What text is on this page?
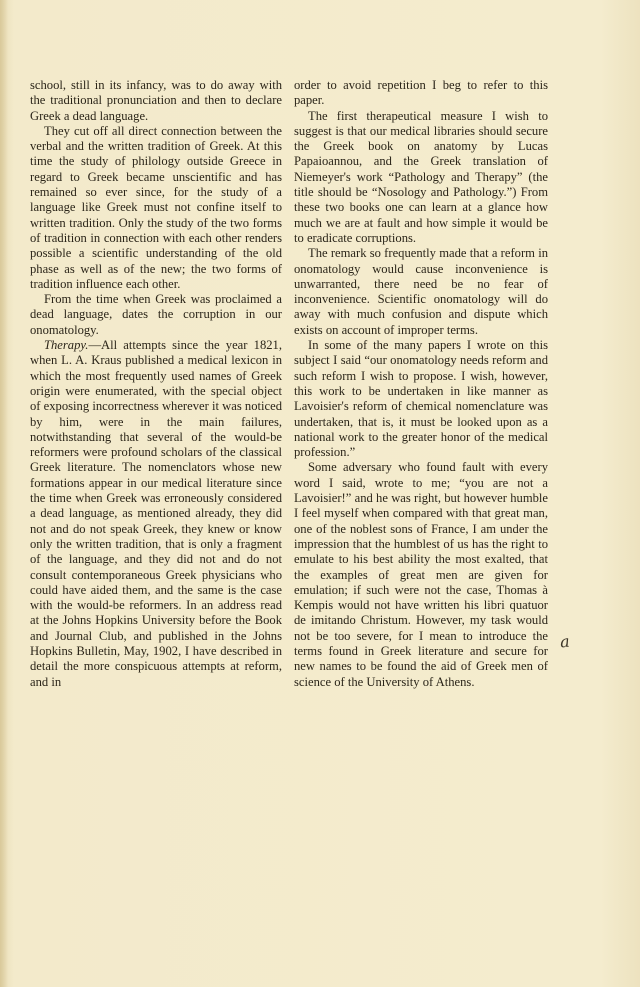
school, still in its infancy, was to do away with the traditional pronunciation and then to declare Greek a dead language.

They cut off all direct connection between the verbal and the written tradition of Greek. At this time the study of philology outside Greece in regard to Greek became unscientific and has remained so ever since, for the study of a language like Greek must not confine itself to written tradition. Only the study of the two forms of tradition in connection with each other renders possible a scientific understanding of the old phase as well as of the new; the two forms of tradition influence each other.

From the time when Greek was proclaimed a dead language, dates the corruption in our onomatology.

Therapy.—All attempts since the year 1821, when L. A. Kraus published a medical lexicon in which the most frequently used names of Greek origin were enumerated, with the special object of exposing incorrectness wherever it was noticed by him, were in the main failures, notwithstanding that several of the would-be reformers were profound scholars of the classical Greek literature. The nomenclators whose new formations appear in our medical literature since the time when Greek was erroneously considered a dead language, as mentioned already, they did not and do not speak Greek, they knew or know only the written tradition, that is only a fragment of the language, and they did not and do not consult contemporaneous Greek physicians who could have aided them, and the same is the case with the would-be reformers. In an address read at the Johns Hopkins University before the Book and Journal Club, and published in the Johns Hopkins Bulletin, May, 1902, I have described in detail the more conspicuous attempts at reform, and in

order to avoid repetition I beg to refer to this paper.

The first therapeutical measure I wish to suggest is that our medical libraries should secure the Greek book on anatomy by Lucas Papaioannou, and the Greek translation of Niemeyer's work “Pathology and Therapy” (the title should be “Nosology and Pathology.”) From these two books one can learn at a glance how much we are at fault and how simple it would be to eradicate corruptions.

The remark so frequently made that a reform in onomatology would cause inconvenience is unwarranted, there need be no fear of inconvenience. Scientific onomatology will do away with much confusion and dispute which exists on account of improper terms.

In some of the many papers I wrote on this subject I said “our onomatology needs reform and such reform I wish to propose. I wish, however, this work to be undertaken in like manner as Lavoisier's reform of chemical nomenclature was undertaken, that is, it must be looked upon as a national work to the greater honor of the medical profession.”

Some adversary who found fault with every word I said, wrote to me; “you are not a Lavoisier!” and he was right, but however humble I feel myself when compared with that great man, one of the noblest sons of France, I am under the impression that the humblest of us has the right to emulate to his best ability the most exalted, that the examples of great men are given for emulation; if such were not the case, Thomas à Kempis would not have written his libri quatuor de imitando Christum. However, my task would not be too severe, for I mean to introduce the terms found in Greek literature and secure for new names to be found the aid of Greek men of science of the University of Athens.

a
